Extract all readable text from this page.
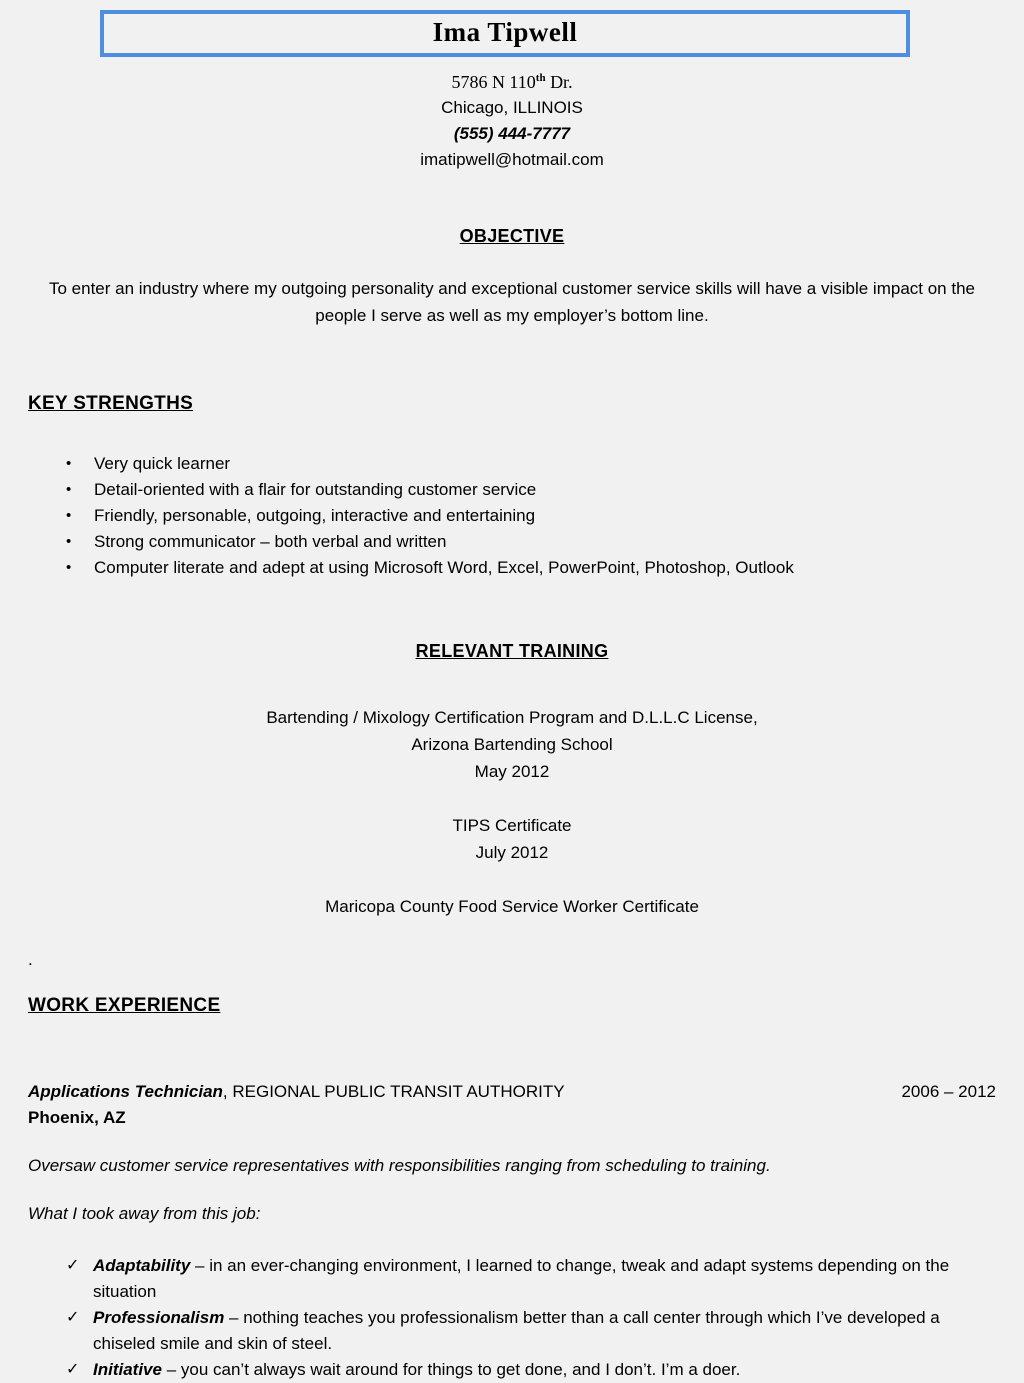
Ima Tipwell
5786 N 110th Dr.
Chicago, ILLINOIS
(555) 444-7777
imatipwell@hotmail.com
OBJECTIVE
To enter an industry where my outgoing personality and exceptional customer service skills will have a visible impact on the people I serve as well as my employer’s bottom line.
KEY STRENGTHS
•	Very quick learner
•	Detail-oriented with a flair for outstanding customer service
•	Friendly, personable, outgoing, interactive and entertaining
•	Strong communicator – both verbal and written
•	Computer literate and adept at using Microsoft Word, Excel, PowerPoint, Photoshop, Outlook
RELEVANT TRAINING
Bartending / Mixology Certification Program and D.L.L.C License,
Arizona Bartending School
May 2012
TIPS Certificate
July 2012
Maricopa County Food Service Worker Certificate
.
WORK EXPERIENCE
Applications Technician, REGIONAL PUBLIC TRANSIT AUTHORITY	2006 – 2012
Phoenix, AZ
Oversaw customer service representatives with responsibilities ranging from scheduling to training.
What I took away from this job:
✓ Adaptability – in an ever-changing environment, I learned to change, tweak and adapt systems depending on the situation
✓ Professionalism – nothing teaches you professionalism better than a call center through which I’ve developed a chiseled smile and skin of steel.
✓ Initiative – you can’t always wait around for things to get done, and I don’t. I’m a doer.
